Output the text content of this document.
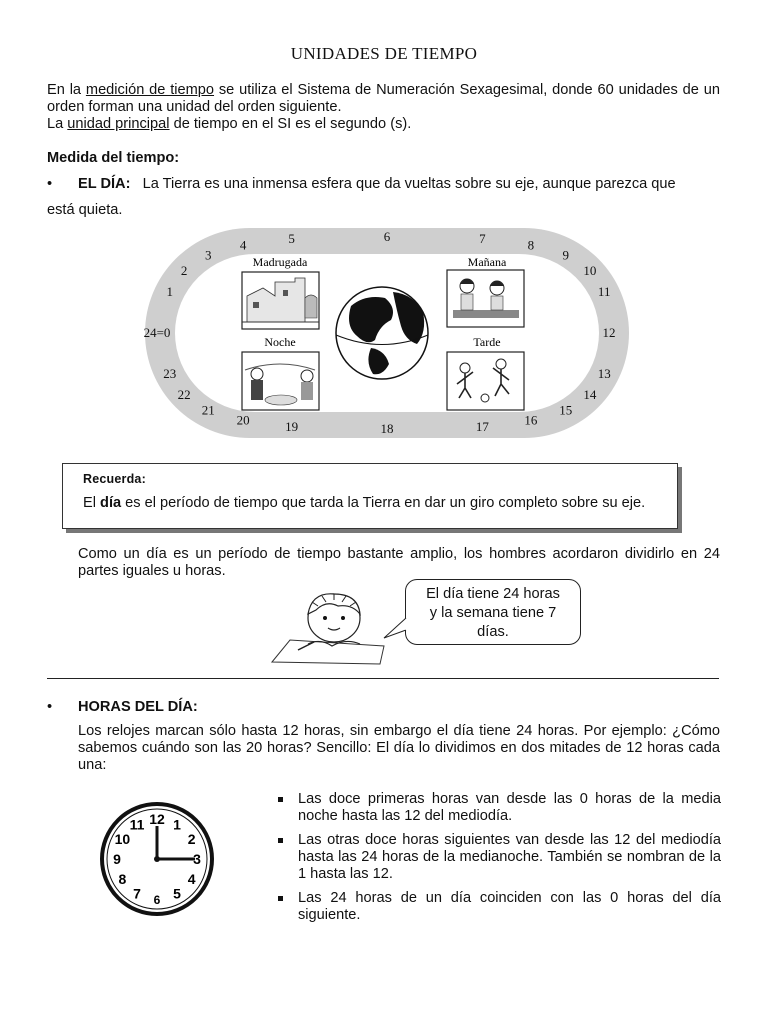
UNIDADES DE TIEMPO
En la medición de tiempo se utiliza el Sistema de Numeración Sexagesimal, donde 60 unidades de un orden forman una unidad del orden siguiente.
La unidad principal de tiempo en el SI es el segundo (s).
Medida del tiempo:
• EL DÍA: La Tierra es una inmensa esfera que da vueltas sobre su eje, aunque parezca que
está quieta.
24=0
1
2
3
4	5	6	7	8
9
10
11
12
13
14
15
16
17
18
19
20
21
22
23
Madrugada	Mañana
Noche	Tarde
Recuerda:
El día es el período de tiempo que tarda la Tierra en dar un giro completo sobre su eje.
Como un día es un período de tiempo bastante amplio, los hombres acordaron dividirlo en 24 partes iguales u horas.
El día tiene 24 horas
y la semana tiene 7
días.
• HORAS DEL DÍA:
Los relojes marcan sólo hasta 12 horas, sin embargo el día tiene 24 horas. Por ejemplo: ¿Cómo sabemos cuándo son las 20 horas? Sencillo: El día lo dividimos en dos mitades de 12 horas cada una:
12 1
2
3
4
5
6
7
8
9
10
11
Las doce primeras horas van desde las 0 horas de la media noche hasta las 12 del mediodía.
Las otras doce horas siguientes van desde las 12 del mediodía hasta las 24 horas de la medianoche. También se nombran de la 1 hasta las 12.
Las 24 horas de un día coinciden con las 0 horas del día siguiente.
